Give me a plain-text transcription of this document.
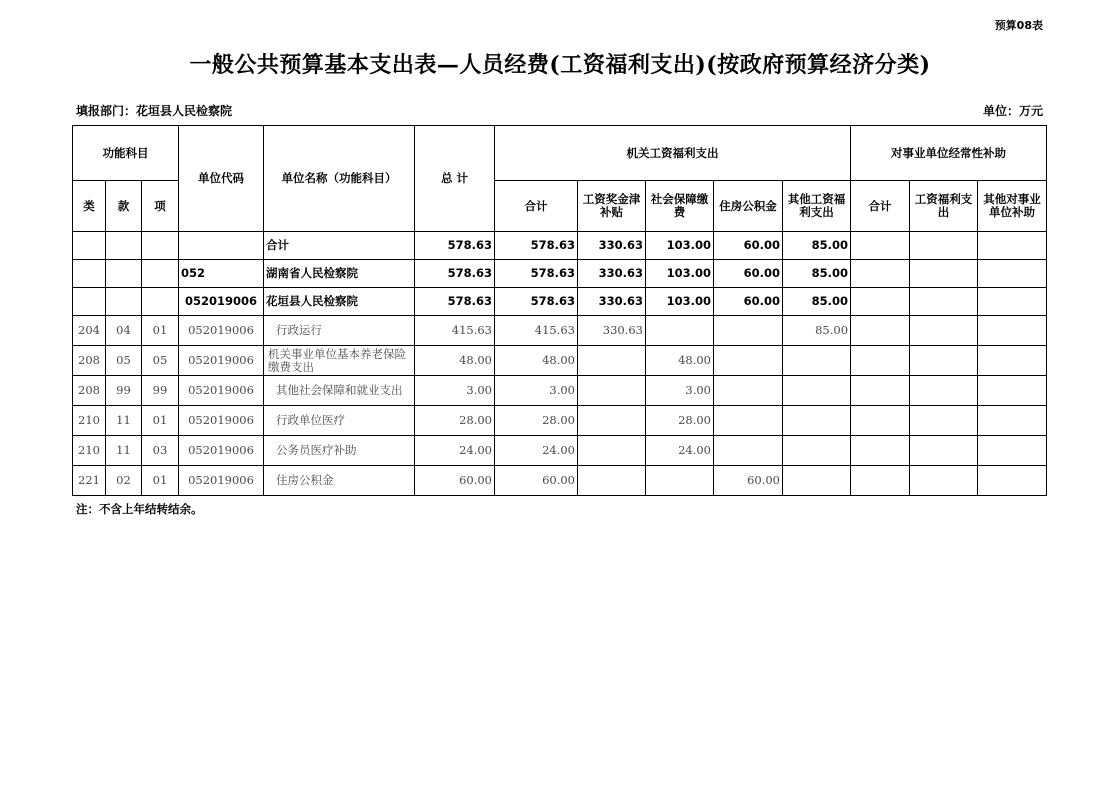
预算08表
一般公共预算基本支出表—人员经费(工资福利支出)(按政府预算经济分类)
填报部门：花垣县人民检察院	单位：万元
功能科目			单位代码	单位名称（功能科目）	总 计	机关工资福利支出					对事业单位经常性补助		
类	款	项				合计	工资奖金津补贴	社会保障缴费	住房公积金	其他工资福利支出	合计	工资福利支出	其他对事业单位补助
				合计	578.63	578.63	330.63	103.00	60.00	85.00			
			052	湖南省人民检察院	578.63	578.63	330.63	103.00	60.00	85.00			
			052019006	花垣县人民检察院	578.63	578.63	330.63	103.00	60.00	85.00			
204	04	01	052019006	行政运行	415.63	415.63	330.63			85.00			
208	05	05	052019006	机关事业单位基本养老保险缴费支出	48.00	48.00		48.00					
208	99	99	052019006	其他社会保障和就业支出	3.00	3.00		3.00					
210	11	01	052019006	行政单位医疗	28.00	28.00		28.00					
210	11	03	052019006	公务员医疗补助	24.00	24.00		24.00					
221	02	01	052019006	住房公积金	60.00	60.00			60.00				
注：不含上年结转结余。
